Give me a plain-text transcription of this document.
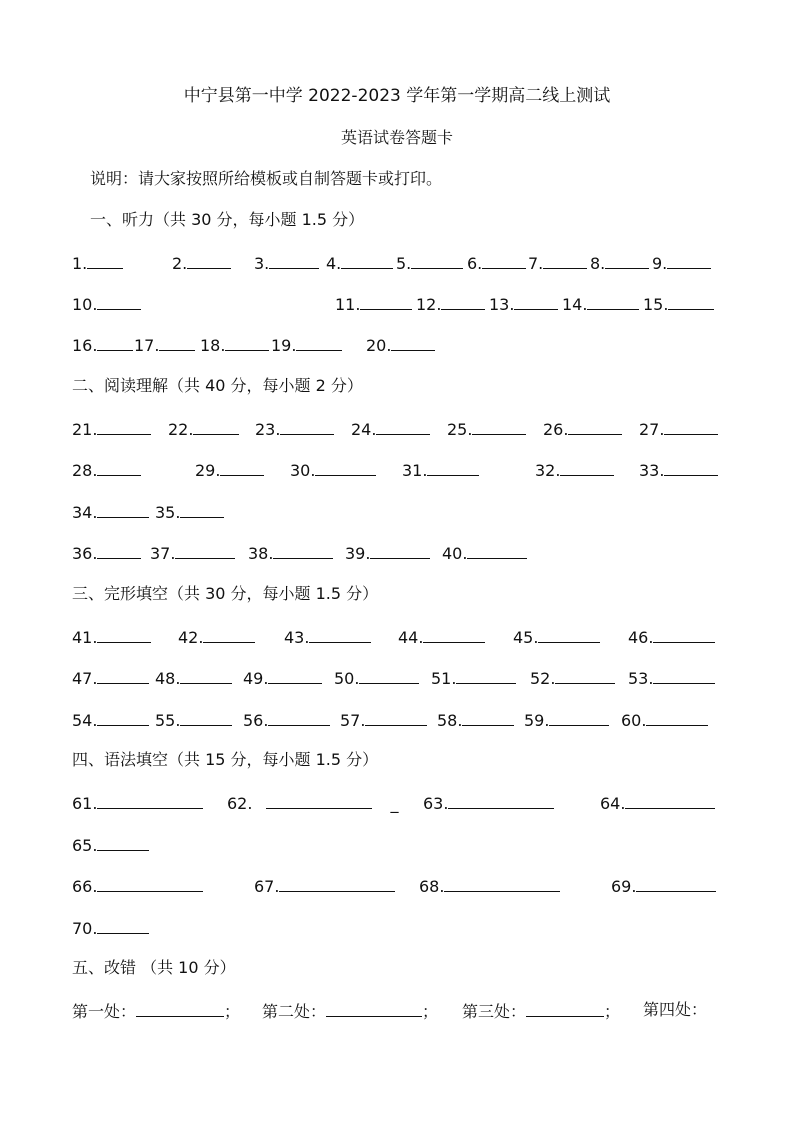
中宁县第一中学 2022-2023 学年第一学期高二线上测试
英语试卷答题卡
说明：请大家按照所给模板或自制答题卡或打印。
一、听力（共 30 分，每小题 1.5 分）
1.	2.	3.	4.	5.	6.	7.	8.	9.
10.	11.	12.	13.	14.	15.
16.	17.	18.	19.	20.
二、阅读理解（共 40 分，每小题 2 分）
21.	22.	23.	24.	25.	26.	27.
28.	29.	30.	31.	32.	33.
34.	35.
36.	37.	38.	39.	40.
三、完形填空（共 30 分，每小题 1.5 分）
41.	42.	43.	44.	45.	46.
47.	48.	49.	50.	51.	52.	53.
54.	55.	56.	57.	58.	59.	60.
四、语法填空（共 15 分，每小题 1.5 分）
61.	62.	_ 63.	64.
65.
66.	67.	68.	69.
70.
五、改错 （共 10 分）
第一处：	； 第二处：	； 第三处：	； 第四处：
